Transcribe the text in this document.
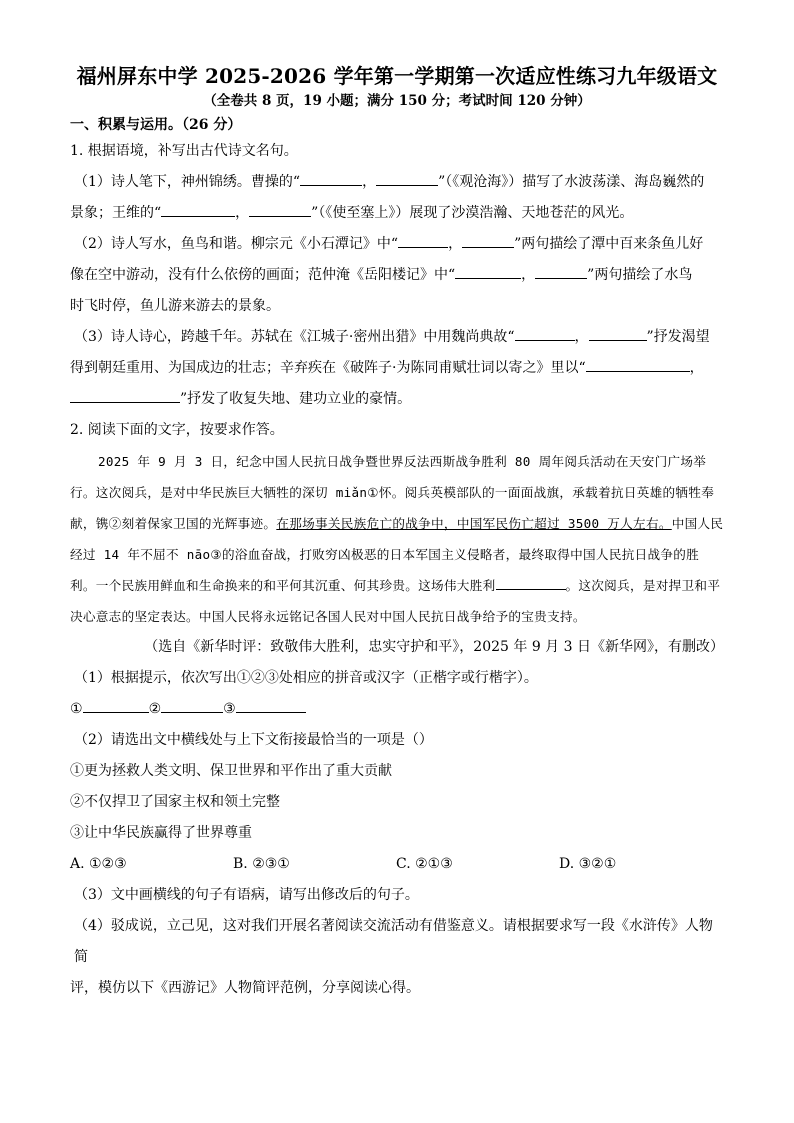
福州屏东中学 2025-2026 学年第一学期第一次适应性练习九年级语文

（全卷共 8 页，19 小题；满分 150 分；考试时间 120 分钟）

一、积累与运用。（26 分）

1. 根据语境，补写出古代诗文名句。

（1）诗人笔下，神州锦绣。曹操的“	，	”（《观沧海》）描写了水波荡漾、海岛巍然的

景象；王维的“	，	”（《使至塞上》）展现了沙漠浩瀚、天地苍茫的风光。

（2）诗人写水，鱼鸟和谐。柳宗元《小石潭记》中“	，	”两句描绘了潭中百来条鱼儿好

像在空中游动，没有什么依傍的画面；范仲淹《岳阳楼记》中“	，	”两句描绘了水鸟

时飞时停，鱼儿游来游去的景象。

（3）诗人诗心，跨越千年。苏轼在《江城子·密州出猎》中用魏尚典故“	，	”抒发渴望

得到朝廷重用、为国成边的壮志；辛弃疾在《破阵子·为陈同甫赋壮词以寄之》里以“	，

”抒发了收复失地、建功立业的豪情。

2. 阅读下面的文字，按要求作答。

2025 年 9 月 3 日，纪念中国人民抗日战争暨世界反法西斯战争胜利 80 周年阅兵活动在天安门广场举行。这次阅兵，是对中华民族巨大牺牲的深切 miǎn①怀。阅兵英模部队的一面面战旗，承载着抗日英雄的牺牲奉献，镌②刻着保家卫国的光辉事迹。在那场事关民族危亡的战争中，中国军民伤亡超过 3500 万人左右。中国人民经过 14 年不屈不 nāo③的浴血奋战，打败穷凶极恶的日本军国主义侵略者，最终取得中国人民抗日战争的胜利。一个民族用鲜血和生命换来的和平何其沉重、何其珍贵。这场伟大胜利	。这次阅兵，是对捍卫和平决心意志的坚定表达。中国人民将永远铭记各国人民对中国人民抗日战争给予的宝贵支持。

（选自《新华时评：致敬伟大胜利，忠实守护和平》，2025 年 9 月 3 日《新华网》，有删改）

（1）根据提示，依次写出①②③处相应的拼音或汉字（正楷字或行楷字）。

①	②	③

（2）请选出文中横线处与上下文衔接最恰当的一项是（）

①更为拯救人类文明、保卫世界和平作出了重大贡献

②不仅捍卫了国家主权和领土完整

③让中华民族赢得了世界尊重

A. ①②③	B. ②③①	C. ②①③	D. ③②①

（3）文中画横线的句子有语病，请写出修改后的句子。

（4）驳成说，立己见，这对我们开展名著阅读交流活动有借鉴意义。请根据要求写一段《水浒传》人物简

评，模仿以下《西游记》人物简评范例，分享阅读心得。
